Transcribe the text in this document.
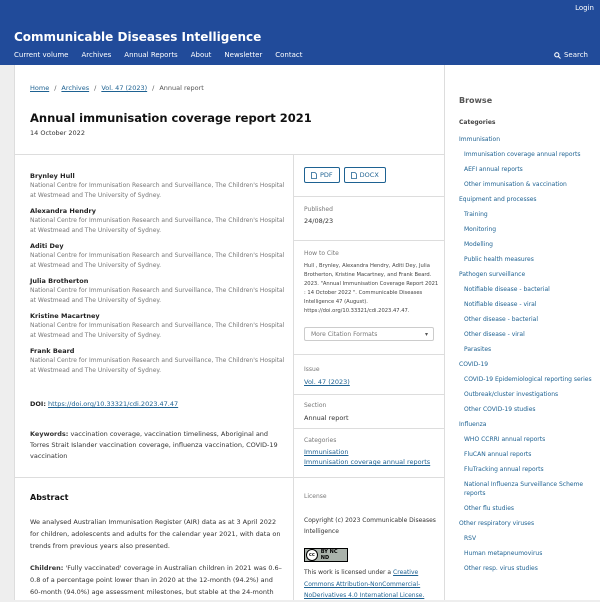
Login
Communicable Diseases Intelligence
Current volume Archives Annual Reports About Newsletter Contact	Search
Home / Archives / Vol. 47 (2023) / Annual report
Annual immunisation coverage report 2021
14 October 2022
Brynley Hull
National Centre for Immunisation Research and Surveillance, The Children's Hospital at Westmead and The University of Sydney.
Alexandra Hendry
National Centre for Immunisation Research and Surveillance, The Children's Hospital at Westmead and The University of Sydney.
Aditi Dey
National Centre for Immunisation Research and Surveillance, The Children's Hospital at Westmead and The University of Sydney.
Julia Brotherton
National Centre for Immunisation Research and Surveillance, The Children's Hospital at Westmead and The University of Sydney.
Kristine Macartney
National Centre for Immunisation Research and Surveillance, The Children's Hospital at Westmead and The University of Sydney.
Frank Beard
National Centre for Immunisation Research and Surveillance, The Children's Hospital at Westmead and The University of Sydney.
DOI: https://doi.org/10.33321/cdi.2023.47.47
Keywords: vaccination coverage, vaccination timeliness, Aboriginal and Torres Strait Islander vaccination coverage, influenza vaccination, COVID-19 vaccination
Abstract
We analysed Australian Immunisation Register (AIR) data as at 3 April 2022 for children, adolescents and adults for the calendar year 2021, with data on trends from previous years also presented.
Children: 'Fully vaccinated' coverage in Australian children in 2021 was 0.6–0.8 of a percentage point lower than in 2020 at the 12-month (94.2%) and 60-month (94.0%) age assessment milestones, but stable at the 24-month
PDF	DOCX
Published
24/08/23
How to Cite
Hull , Brynley, Alexandra Hendry, Aditi Dey, Julia Brotherton, Kristine Macartney, and Frank Beard. 2023. "Annual Immunisation Coverage Report 2021 : 14 October 2022 ". Communicable Diseases Intelligence 47 (August). https://doi.org/10.33321/cdi.2023.47.47.
More Citation Formats	▾
Issue
Vol. 47 (2023)
Section
Annual report
Categories
Immunisation
Immunisation coverage annual reports
License
Copyright (c) 2023 Communicable Diseases Intelligence
cc	BY NC ND
This work is licensed under a Creative Commons Attribution-NonCommercial-NoDerivatives 4.0 International License.
Browse
Categories
Immunisation
Immunisation coverage annual reports
AEFI annual reports
Other immunisation & vaccination
Equipment and processes
Training
Monitoring
Modelling
Public health measures
Pathogen surveillance
Notifiable disease - bacterial
Notifiable disease - viral
Other disease - bacterial
Other disease - viral
Parasites
COVID-19
COVID-19 Epidemiological reporting series
Outbreak/cluster investigations
Other COVID-19 studies
Influenza
WHO CCRRI annual reports
FluCAN annual reports
FluTracking annual reports
National Influenza Surveillance Scheme reports
Other flu studies
Other respiratory viruses
RSV
Human metapneumovirus
Other resp. virus studies
